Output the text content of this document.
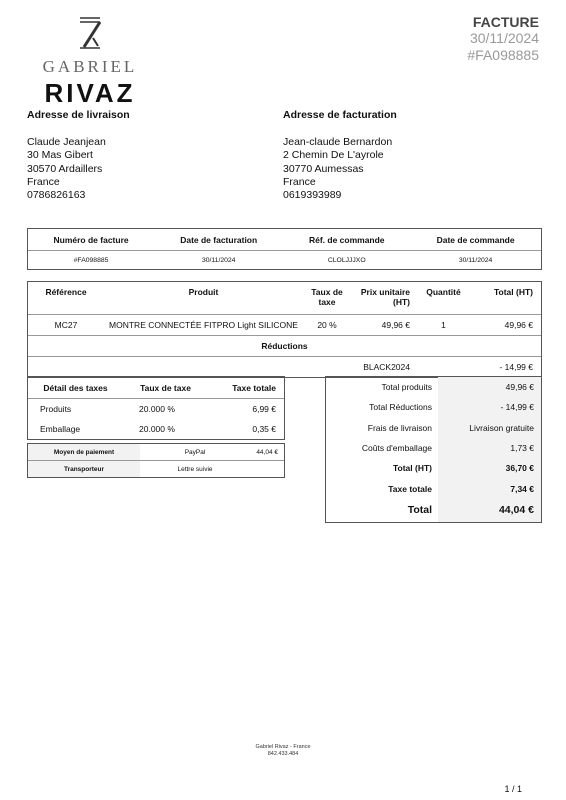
GABRIEL
RIVAZ
FACTURE
30/11/2024
#FA098885
Adresse de livraison
Claude Jeanjean
30 Mas Gibert
30570 Ardaillers
France
0786826163
Adresse de facturation
Jean-claude Bernardon
2 Chemin De L'ayrole
30770 Aumessas
France
0619393989
Numéro de facture	Date de facturation	Réf. de commande	Date de commande
#FA098885	30/11/2024	CLOLJJJXO	30/11/2024
Référence	Produit	Taux de taxe	Prix unitaire (HT)	Quantité	Total (HT)
MC27	MONTRE CONNECTÉE FITPRO Light SILICONE	20 %	49,96 €	1	49,96 €
Réductions					
BLACK2024				- 14,99 €	
Détail des taxes	Taux de taxe	Taxe totale
Produits	20.000 %	6,99 €
Emballage	20.000 %	0,35 €
Moyen de paiement	PayPal	44,04 €
Transporteur	Lettre suivie	
Total produits	49,96 €
Total Réductions	- 14,99 €
Frais de livraison	Livraison gratuite
Coûts d'emballage	1,73 €
Total (HT)	36,70 €
Taxe totale	7,34 €
Total	44,04 €
Gabriel Rivaz - France
842.433.484
1 / 1
